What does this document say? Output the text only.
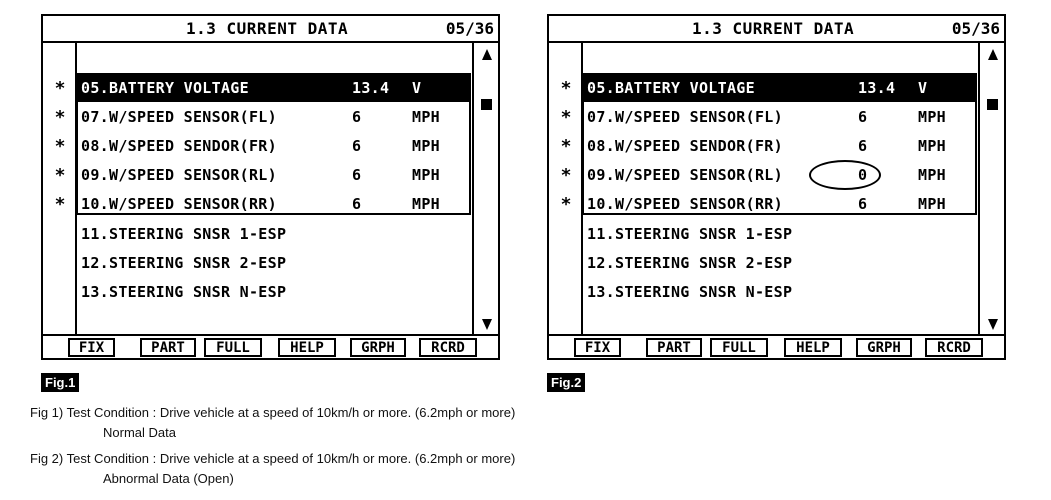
1.3 CURRENT DATA	05/36
*
*
*
*
*
05.BATTERY VOLTAGE	13.4 V
07.W/SPEED SENSOR(FL)	6	MPH
08.W/SPEED SENDOR(FR)	6	MPH
09.W/SPEED SENSOR(RL)	6	MPH
10.W/SPEED SENSOR(RR)	6	MPH
11.STEERING SNSR 1-ESP
12.STEERING SNSR 2-ESP
13.STEERING SNSR N-ESP
FIX	PART	FULL	HELP	GRPH	RCRD
1.3 CURRENT DATA	05/36
*
*
*
*
*
05.BATTERY VOLTAGE	13.4 V
07.W/SPEED SENSOR(FL)	6	MPH
08.W/SPEED SENDOR(FR)	6	MPH
09.W/SPEED SENSOR(RL)	0	MPH
10.W/SPEED SENSOR(RR)	6	MPH
11.STEERING SNSR 1-ESP
12.STEERING SNSR 2-ESP
13.STEERING SNSR N-ESP
FIX	PART	FULL	HELP	GRPH	RCRD
Fig.1	Fig.2
Fig 1) Test Condition : Drive vehicle at a speed of 10km/h or more. (6.2mph or more)
Normal Data
Fig 2) Test Condition : Drive vehicle at a speed of 10km/h or more. (6.2mph or more)
Abnormal Data (Open)
